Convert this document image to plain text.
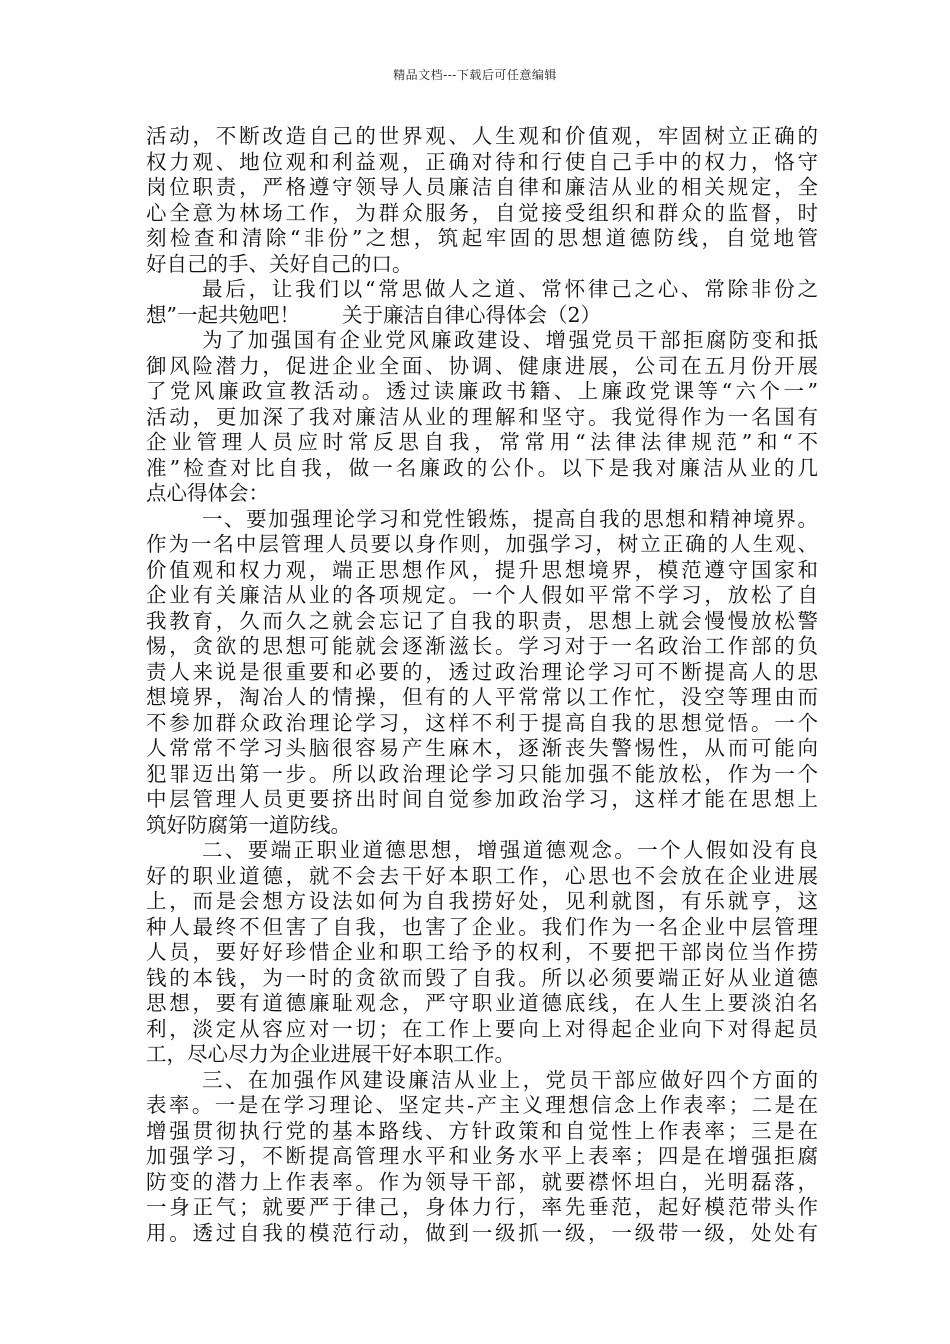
精品文档---下载后可任意编辑
活动，不断改造自己的世界观、人生观和价值观，牢固树立正确的
权力观、地位观和利益观，正确对待和行使自己手中的权力，恪守
岗位职责，严格遵守领导人员廉洁自律和廉洁从业的相关规定，全
心全意为林场工作，为群众服务，自觉接受组织和群众的监督，时
刻检查和清除“非份”之想，筑起牢固的思想道德防线，自觉地管
好自己的手、关好自己的口。
最后，让我们以“常思做人之道、常怀律己之心、常除非份之
想”一起共勉吧！ 关于廉洁自律心得体会（2）
为了加强国有企业党风廉政建设、增强党员干部拒腐防变和抵
御风险潜力，促进企业全面、协调、健康进展，公司在五月份开展
了党风廉政宣教活动。透过读廉政书籍、上廉政党课等“六个一”
活动，更加深了我对廉洁从业的理解和坚守。我觉得作为一名国有
企业管理人员应时常反思自我，常常用“法律法律规范”和“不
准”检查对比自我，做一名廉政的公仆。以下是我对廉洁从业的几
点心得体会：
一、要加强理论学习和党性锻炼，提高自我的思想和精神境界。
作为一名中层管理人员要以身作则，加强学习，树立正确的人生观、
价值观和权力观，端正思想作风，提升思想境界，模范遵守国家和
企业有关廉洁从业的各项规定。一个人假如平常不学习，放松了自
我教育，久而久之就会忘记了自我的职责，思想上就会慢慢放松警
惕，贪欲的思想可能就会逐渐滋长。学习对于一名政治工作部的负
责人来说是很重要和必要的，透过政治理论学习可不断提高人的思
想境界，淘冶人的情操，但有的人平常常以工作忙，没空等理由而
不参加群众政治理论学习，这样不利于提高自我的思想觉悟。一个
人常常不学习头脑很容易产生麻木，逐渐丧失警惕性，从而可能向
犯罪迈出第一步。所以政治理论学习只能加强不能放松，作为一个
中层管理人员更要挤出时间自觉参加政治学习，这样才能在思想上
筑好防腐第一道防线。
二、要端正职业道德思想，增强道德观念。一个人假如没有良
好的职业道德，就不会去干好本职工作，心思也不会放在企业进展
上，而是会想方设法如何为自我捞好处，见利就图，有乐就亨，这
种人最终不但害了自我，也害了企业。我们作为一名企业中层管理
人员，要好好珍惜企业和职工给予的权利，不要把干部岗位当作捞
钱的本钱，为一时的贪欲而毁了自我。所以必须要端正好从业道德
思想，要有道德廉耻观念，严守职业道德底线，在人生上要淡泊名
利，淡定从容应对一切；在工作上要向上对得起企业向下对得起员
工，尽心尽力为企业进展干好本职工作。
三、在加强作风建设廉洁从业上，党员干部应做好四个方面的
表率。一是在学习理论、坚定共-产主义理想信念上作表率；二是在
增强贯彻执行党的基本路线、方针政策和自觉性上作表率；三是在
加强学习，不断提高管理水平和业务水平上表率；四是在增强拒腐
防变的潜力上作表率。作为领导干部，就要襟怀坦白，光明磊落，
一身正气；就要严于律己，身体力行，率先垂范，起好模范带头作
用。透过自我的模范行动，做到一级抓一级，一级带一级，处处有
